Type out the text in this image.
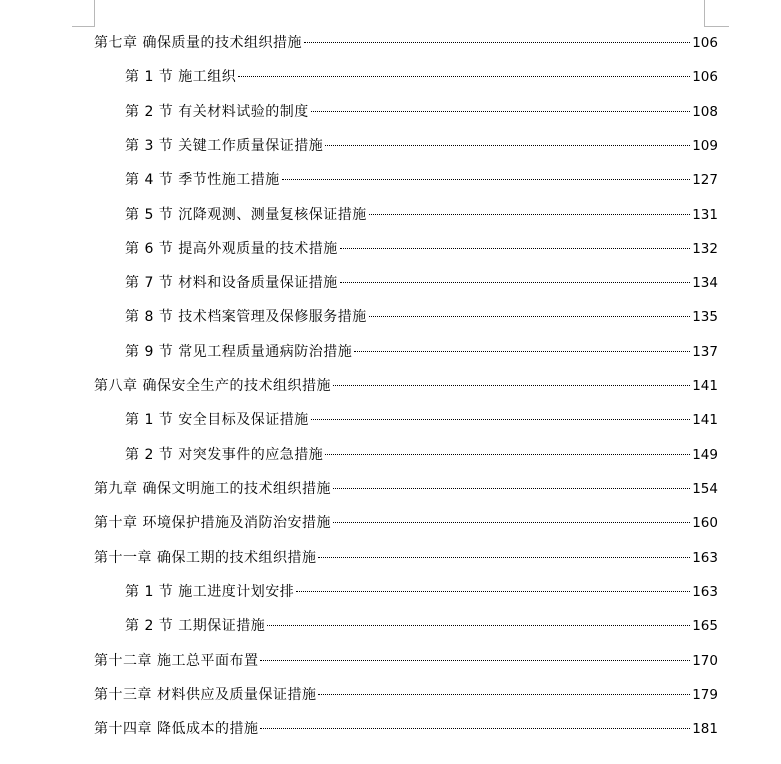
第七章 确保质量的技术组织措施	106
第 1 节 施工组织	106
第 2 节 有关材料试验的制度	108
第 3 节 关键工作质量保证措施	109
第 4 节 季节性施工措施	127
第 5 节 沉降观测、测量复核保证措施	131
第 6 节 提高外观质量的技术措施	132
第 7 节 材料和设备质量保证措施	134
第 8 节 技术档案管理及保修服务措施	135
第 9 节 常见工程质量通病防治措施	137
第八章 确保安全生产的技术组织措施	141
第 1 节 安全目标及保证措施	141
第 2 节 对突发事件的应急措施	149
第九章 确保文明施工的技术组织措施	154
第十章 环境保护措施及消防治安措施	160
第十一章 确保工期的技术组织措施	163
第 1 节 施工进度计划安排	163
第 2 节 工期保证措施	165
第十二章 施工总平面布置	170
第十三章 材料供应及质量保证措施	179
第十四章 降低成本的措施	181
